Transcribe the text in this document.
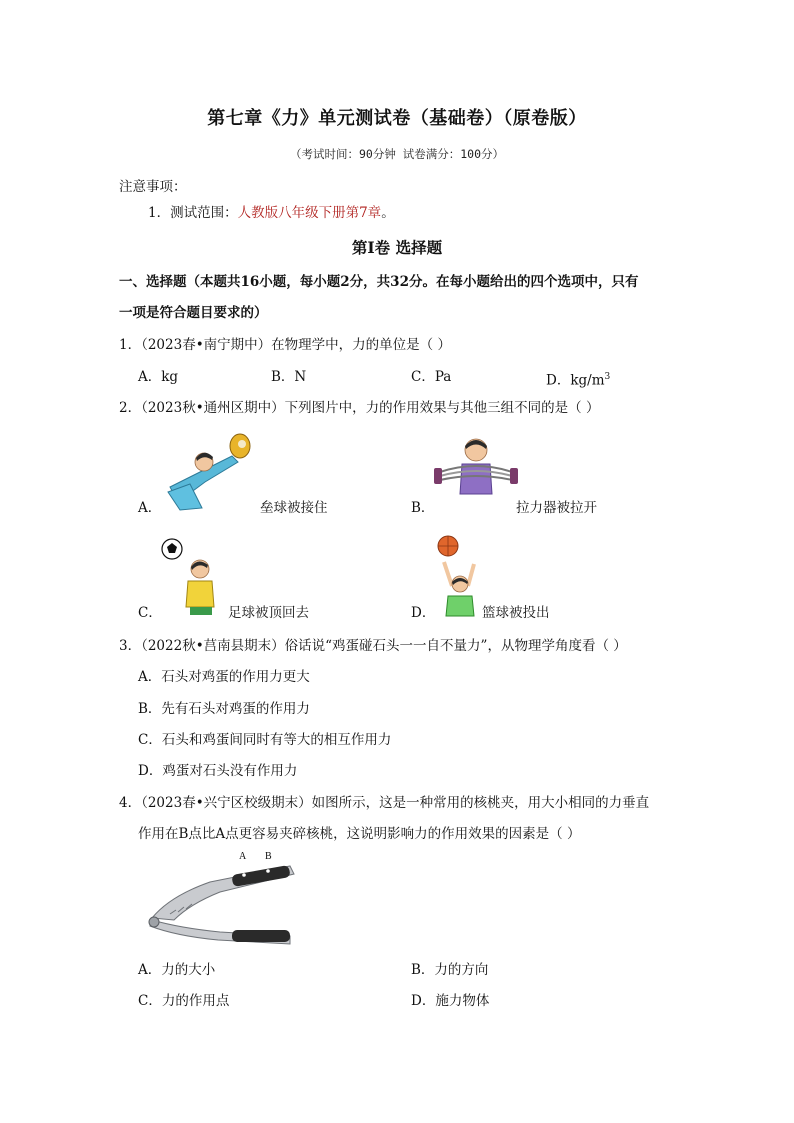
第七章《力》单元测试卷（基础卷）（原卷版）
（考试时间：90分钟 试卷满分：100分）
注意事项：
1．测试范围：人教版八年级下册第7章。
第Ⅰ卷 选择题
一、选择题（本题共16小题，每小题2分，共32分。在每小题给出的四个选项中，只有
一项是符合题目要求的）
1．（2023春•南宁期中）在物理学中，力的单位是（ ）
A．kg	B．N	C．Pa	D．$kg/m^3$
2．（2023秋•通州区期中）下列图片中，力的作用效果与其他三组不同的是（ ）
A．	垒球被接住	B．	拉力器被拉开
C．	足球被顶回去	D．	篮球被投出
3．（2022秋•莒南县期末）俗话说“鸡蛋碰石头一一自不量力”，从物理学角度看（ ）
A．石头对鸡蛋的作用力更大
B．先有石头对鸡蛋的作用力
C．石头和鸡蛋间同时有等大的相互作用力
D．鸡蛋对石头没有作用力
4．（2023春•兴宁区校级期末）如图所示，这是一种常用的核桃夹，用大小相同的力垂直
作用在B点比A点更容易夹碎核桃，这说明影响力的作用效果的因素是（ ）
A B
A．力的大小	B．力的方向
C．力的作用点	D．施力物体
